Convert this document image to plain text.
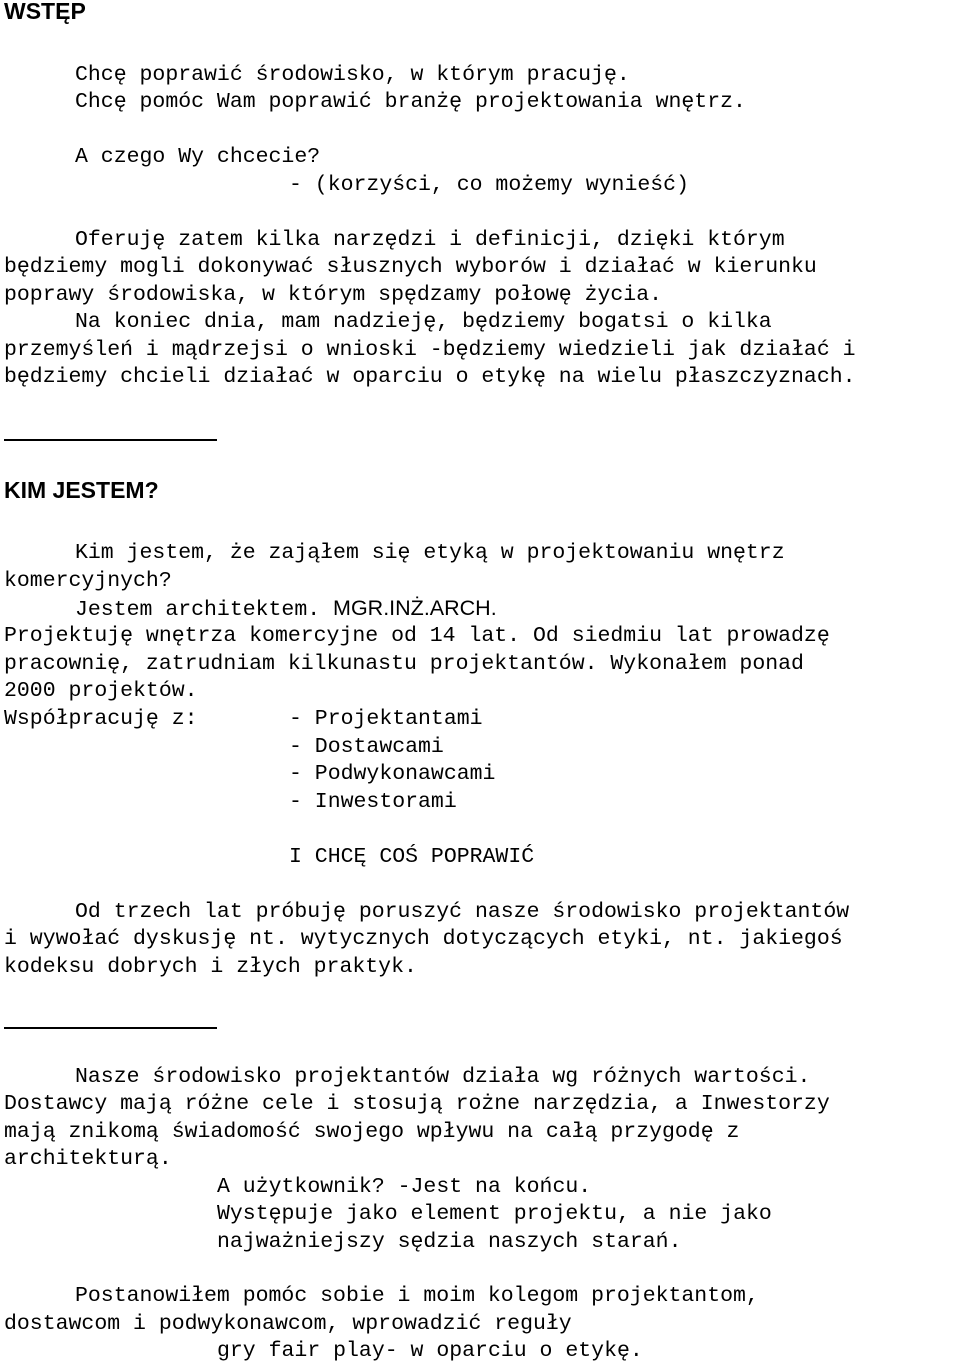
WSTĘP
Chcę poprawić środowisko, w którym pracuję.
Chcę pomóc Wam poprawić branżę projektowania wnętrz.
A czego Wy chcecie?
- (korzyści, co możemy wynieść)
Oferuję zatem kilka narzędzi i definicji, dzięki którym
będziemy mogli dokonywać słusznych wyborów i działać w kierunku
poprawy środowiska, w którym spędzamy połowę życia.
Na koniec dnia, mam nadzieję, będziemy bogatsi o kilka
przemyśleń i mądrzejsi o wnioski -będziemy wiedzieli jak działać i
będziemy chcieli działać w oparciu o etykę na wielu płaszczyznach.
KIM JESTEM?
Kim jestem, że zająłem się etyką w projektowaniu wnętrz
komercyjnych?
Jestem architektem. MGR.INŻ.ARCH.
Projektuję wnętrza komercyjne od 14 lat. Od siedmiu lat prowadzę
pracownię, zatrudniam kilkunastu projektantów. Wykonałem ponad
2000 projektów.
Współpracuję z:	- Projektantami
- Dostawcami
- Podwykonawcami
- Inwestorami
I CHCĘ COŚ POPRAWIĆ
Od trzech lat próbuję poruszyć nasze środowisko projektantów
i wywołać dyskusję nt. wytycznych dotyczących etyki, nt. jakiegoś
kodeksu dobrych i złych praktyk.
Nasze środowisko projektantów działa wg różnych wartości.
Dostawcy mają różne cele i stosują rożne narzędzia, a Inwestorzy
mają znikomą świadomość swojego wpływu na całą przygodę z
architekturą.
A użytkownik? -Jest na końcu.
Występuje jako element projektu, a nie jako
najważniejszy sędzia naszych starań.
Postanowiłem pomóc sobie i moim kolegom projektantom,
dostawcom i podwykonawcom, wprowadzić reguły
gry fair play- w oparciu o etykę.
